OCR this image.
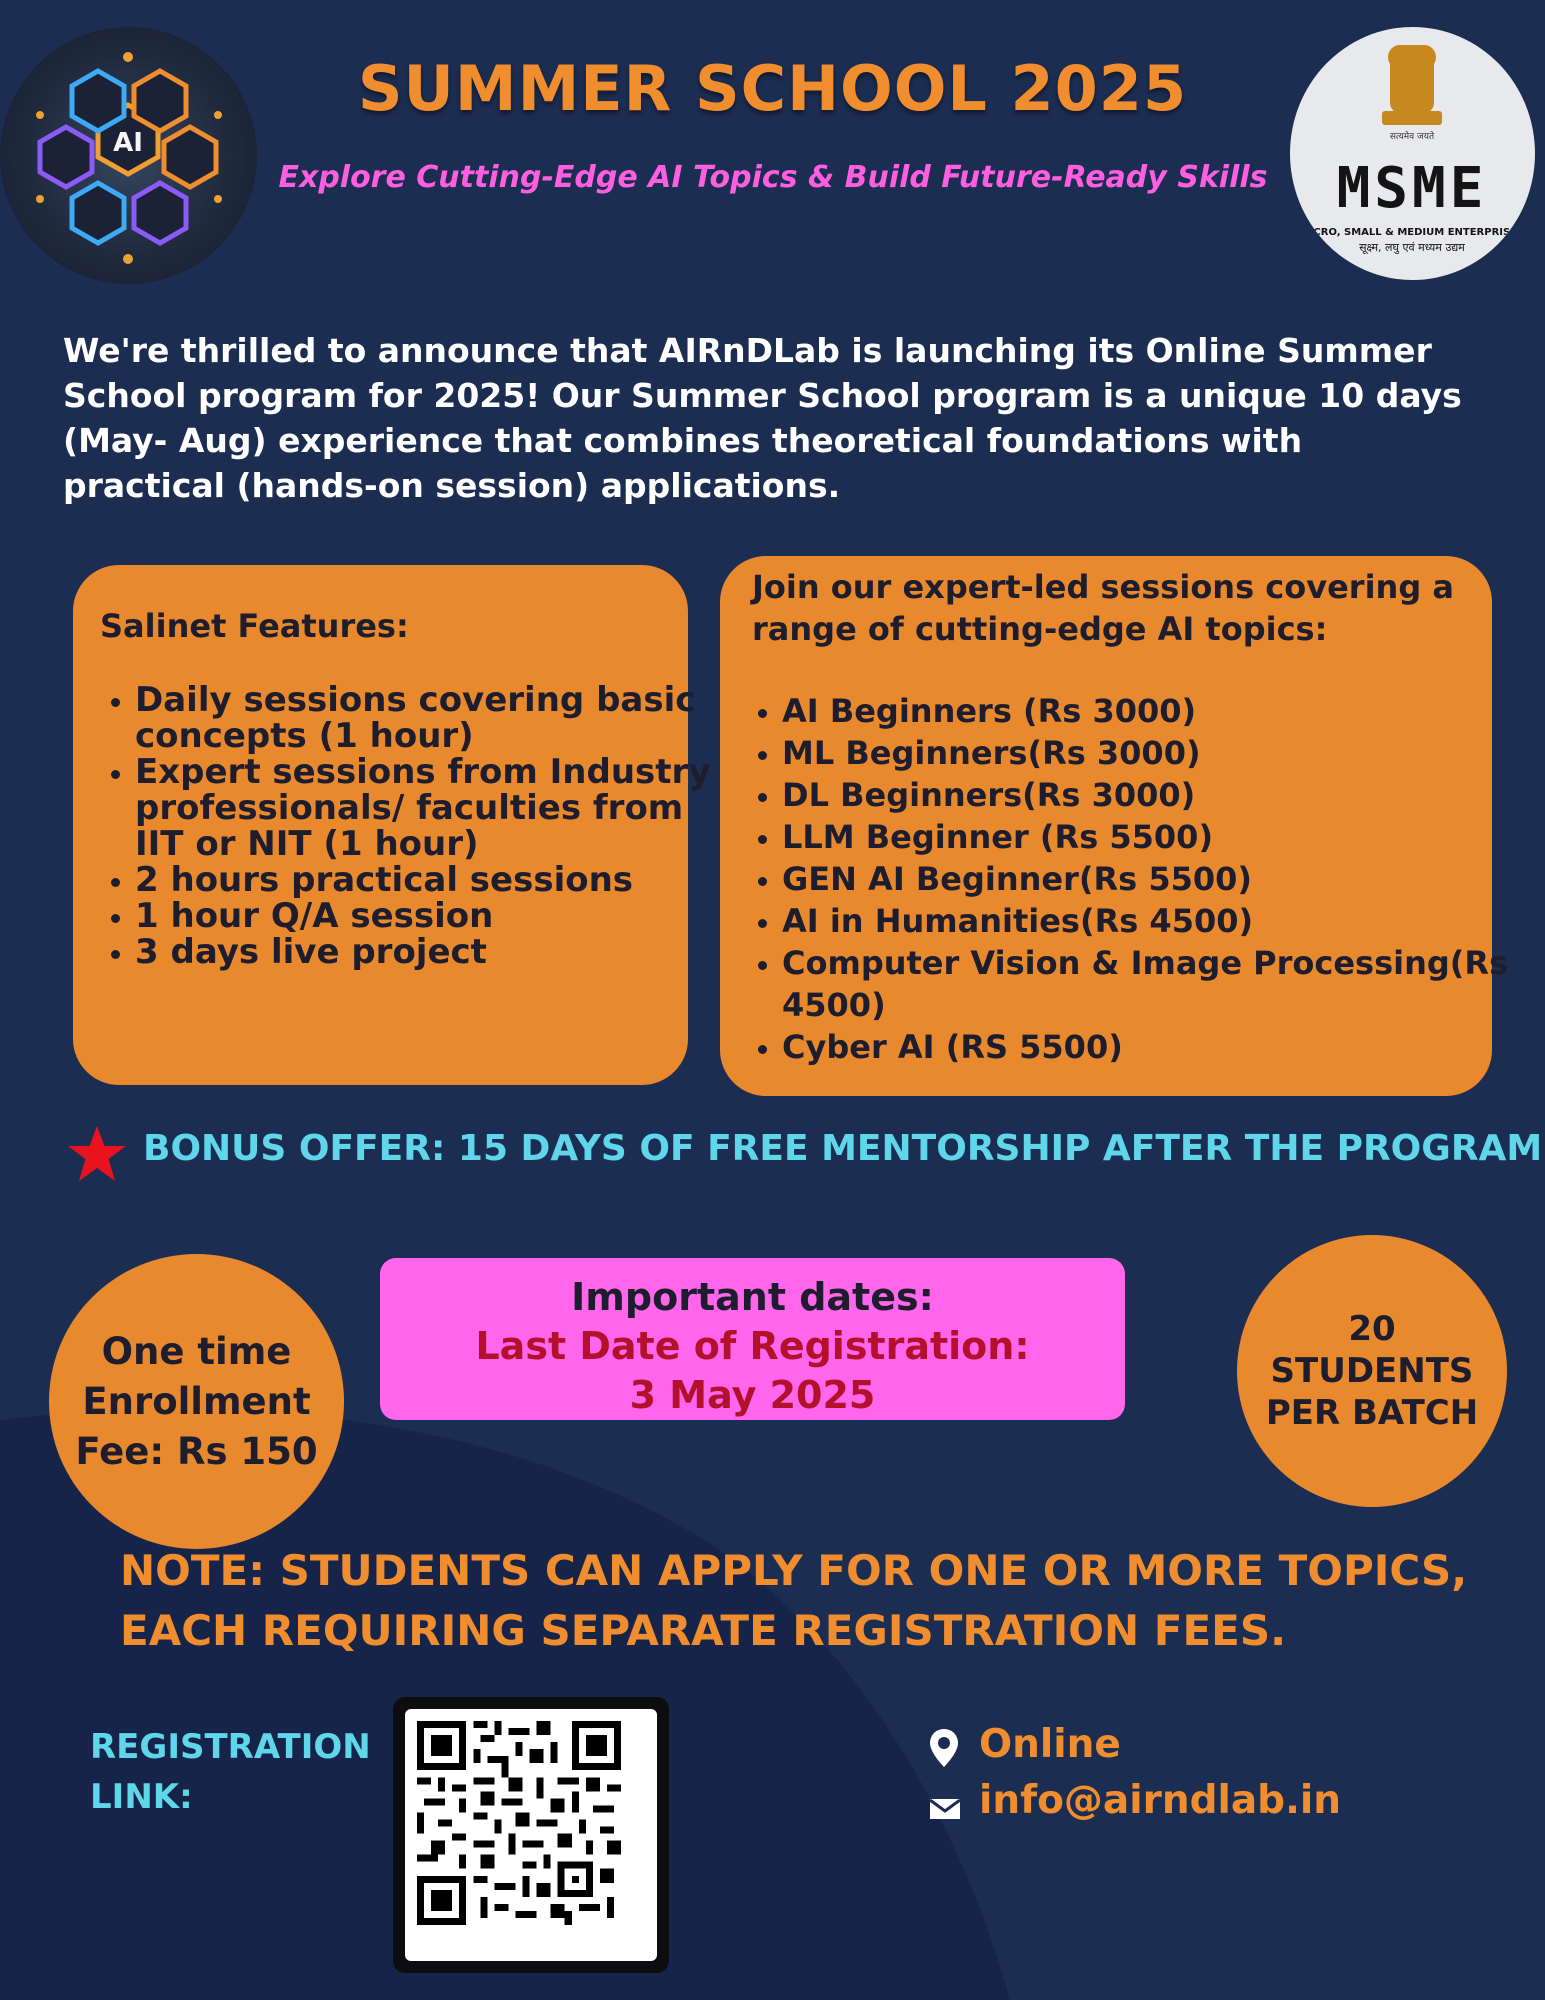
AI
SUMMER SCHOOL 2025
Explore Cutting-Edge AI Topics & Build Future-Ready Skills
सत्यमेव जयते
MSME
MICRO, SMALL & MEDIUM ENTERPRISES
सूक्ष्म, लघु एवं मध्यम उद्यम
We're thrilled to announce that AIRnDLab is launching its Online Summer
School program for 2025! Our Summer School program is a unique 10 days
(May- Aug) experience that combines theoretical foundations with
practical (hands-on session) applications.
Salinet Features:
• Daily sessions covering basic concepts (1 hour)
• Expert sessions from Industry professionals/ faculties from IIT or NIT (1 hour)
• 2 hours practical sessions
• 1 hour Q/A session
• 3 days live project
Join our expert-led sessions covering a range of cutting-edge AI topics:
• AI Beginners (Rs 3000)
• ML Beginners(Rs 3000)
• DL Beginners(Rs 3000)
• LLM Beginner (Rs 5500)
• GEN AI Beginner(Rs 5500)
• AI in Humanities(Rs 4500)
• Computer Vision & Image Processing(Rs 4500)
• Cyber AI (RS 5500)
BONUS OFFER: 15 DAYS OF FREE MENTORSHIP AFTER THE PROGRAM
One time
Enrollment
Fee: Rs 150
Important dates:
Last Date of Registration:
3 May 2025
20
STUDENTS
PER BATCH
NOTE: STUDENTS CAN APPLY FOR ONE OR MORE TOPICS,
EACH REQUIRING SEPARATE REGISTRATION FEES.
REGISTRATION
LINK:
Online
info@airndlab.in
